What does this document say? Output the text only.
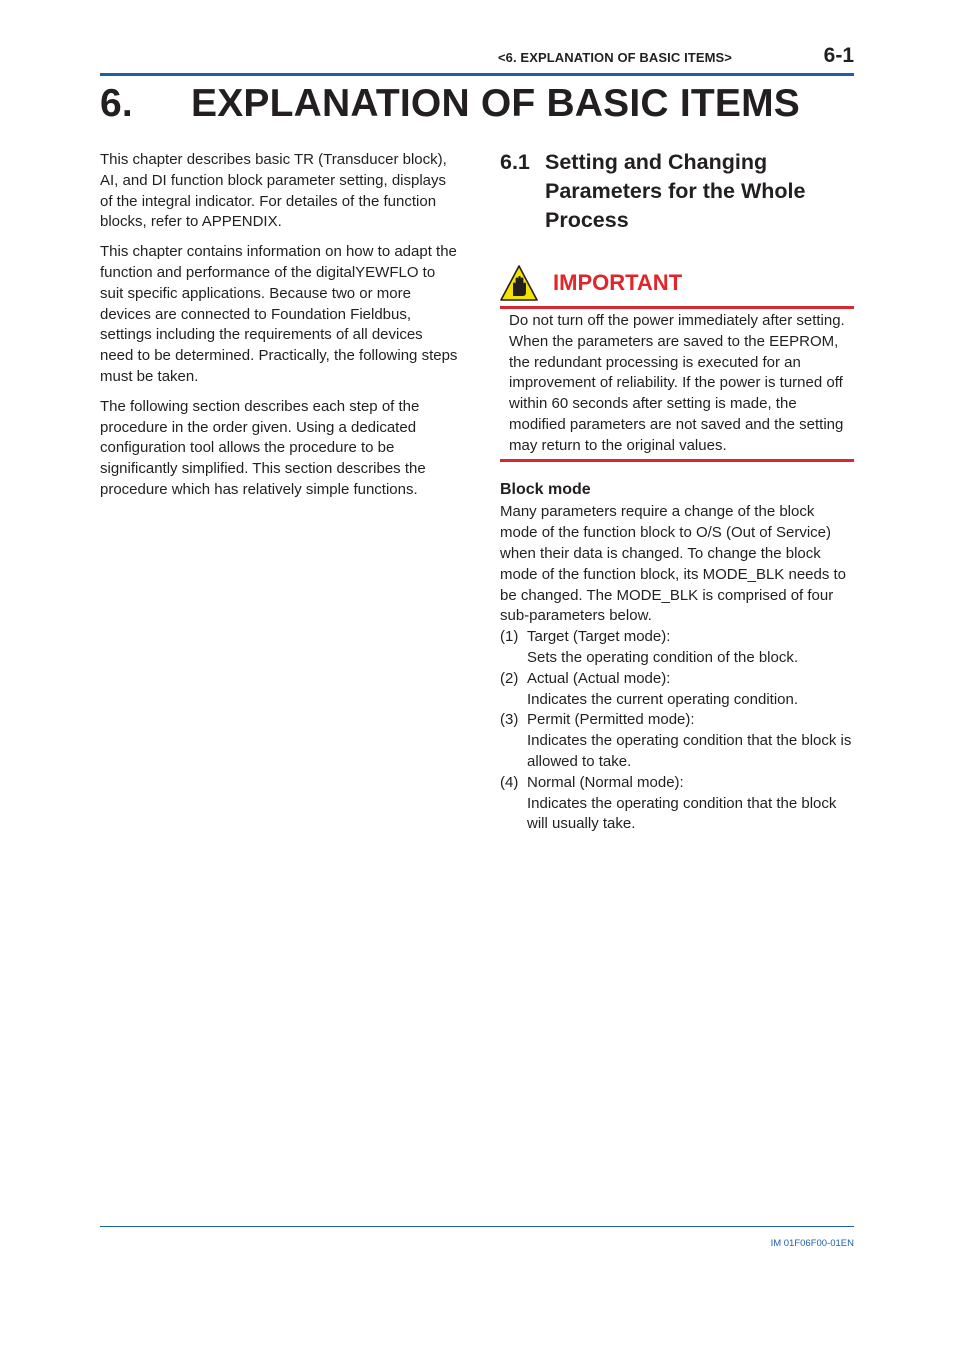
<6. EXPLANATION OF BASIC ITEMS>	6-1
6. EXPLANATION OF BASIC ITEMS

This chapter describes basic TR (Transducer block), AI, and DI function block parameter setting, displays of the integral indicator. For detailes of the function blocks, refer to APPENDIX.

This chapter contains information on how to adapt the function and performance of the digitalYEWFLO to suit specific applications. Because two or more devices are connected to Foundation Fieldbus, settings including the requirements of all devices need to be determined. Practically, the following steps must be taken.

The following section describes each step of the procedure in the order given. Using a dedicated configuration tool allows the procedure to be significantly simplified. This section describes the procedure which has relatively simple functions.

6.1 Setting and Changing Parameters for the Whole Process
IMPORTANT
Do not turn off the power immediately after setting. When the parameters are saved to the EEPROM, the redundant processing is executed for an improvement of reliability. If the power is turned off within 60 seconds after setting is made, the modified parameters are not saved and the setting may return to the original values.
Block mode

Many parameters require a change of the block mode of the function block to O/S (Out of Service) when their data is changed. To change the block mode of the function block, its MODE_BLK needs to be changed. The MODE_BLK is comprised of four sub-parameters below.

(1) Target (Target mode):
Sets the operating condition of the block.
(2) Actual (Actual mode):
Indicates the current operating condition.
(3) Permit (Permitted mode):
Indicates the operating condition that the block is allowed to take.
(4) Normal (Normal mode):
Indicates the operating condition that the block will usually take.
IM 01F06F00-01EN
